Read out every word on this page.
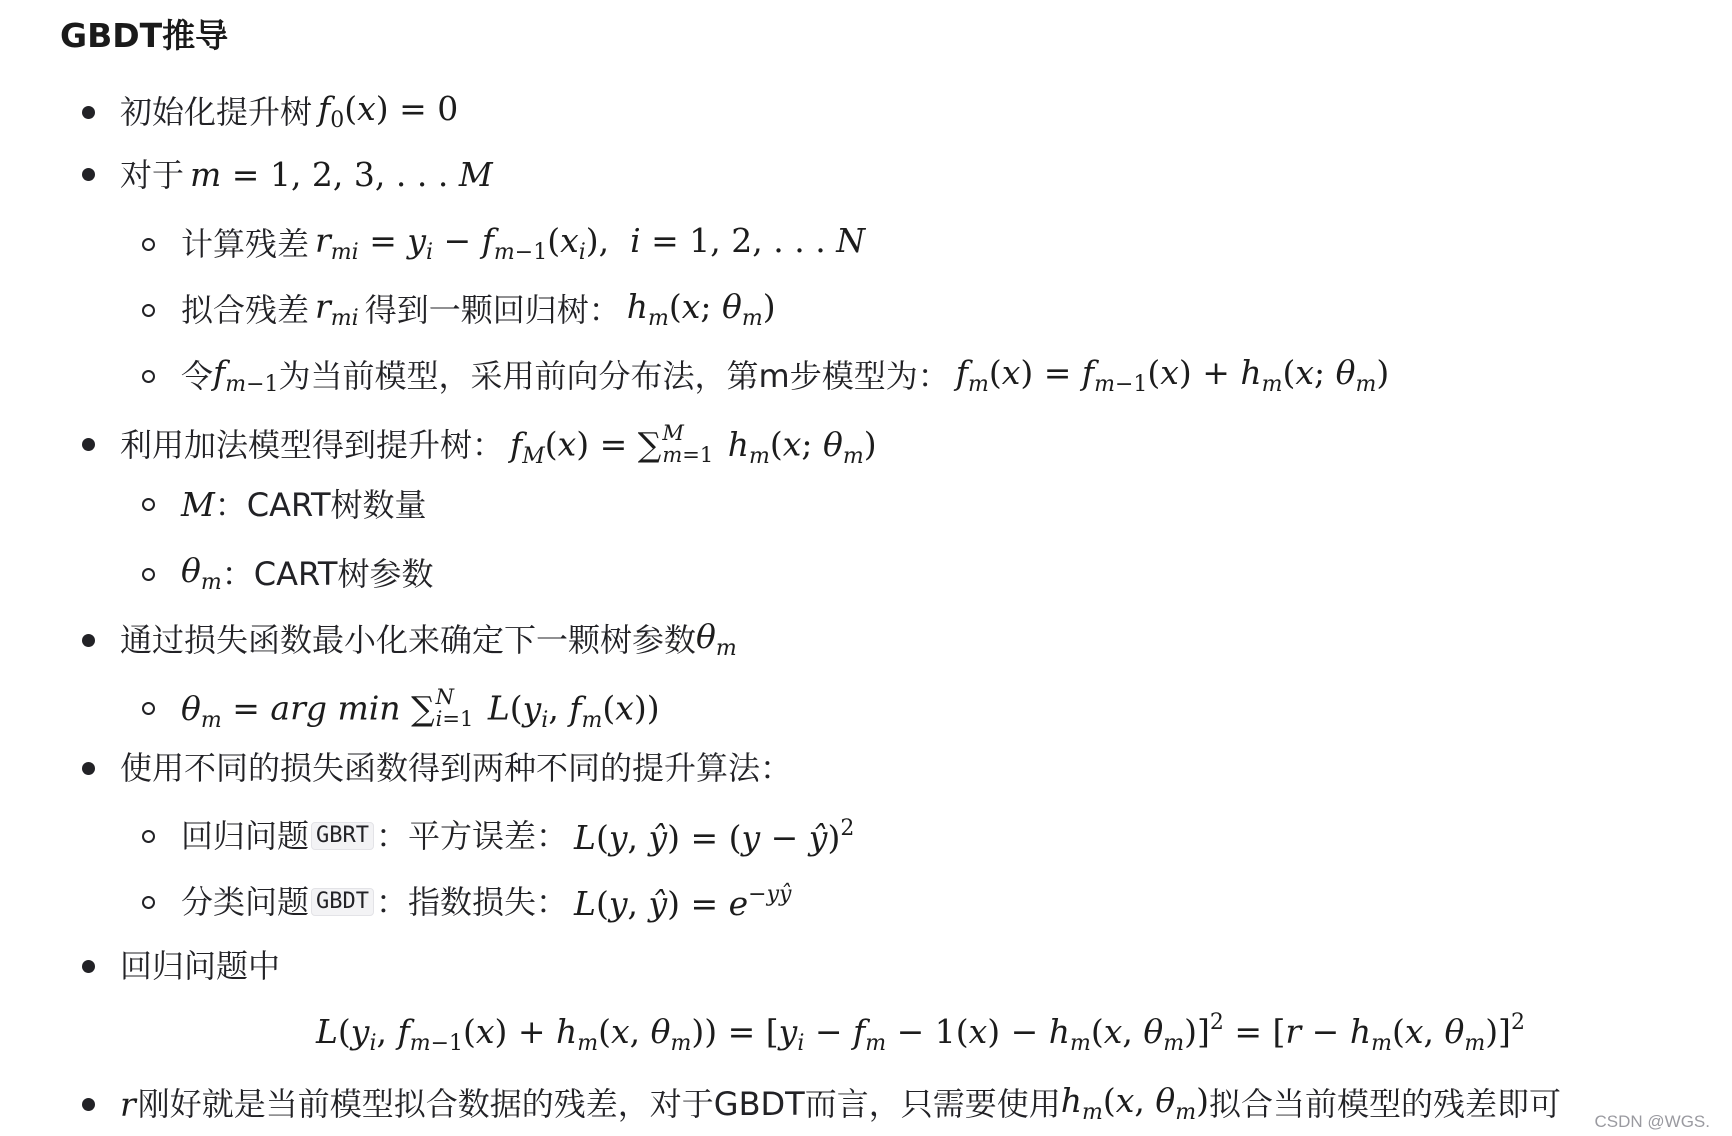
GBDT推导
初始化提升树 $f_0(x) = 0$
对于 m = 1, 2, 3, . . . M
计算残差 $r_{mi} = y_i - f_{m-1}(x_i)$,  i = 1, 2, . . . N
拟合残差 $r_{mi}$ 得到一颗回归树： $h_m(x$; $\theta_m$)
令 $f_{m-1}$ 为当前模型，采用前向分布法，第m步模型为： $f_m(x) = f_{m-1}(x) + h_m(x$; $\theta_m$)
利用加法模型得到提升树： $f_M(x)$ = ∑ M
m=1 $h_m(x$; $\theta_m$)
M ：CART树数量
$\theta_m$ ：CART树参数
通过损失函数最小化来确定下一颗树参数 $\theta_m$
$\theta_m$ = arg min ∑ N
i=1 $L(y_i$, $f_m(x)$)
使用不同的损失函数得到两种不同的提升算法：
回归问题 GBRT ：平方误差： L(y, ŷ) = (y − ŷ)$^2$
分类问题 GBDT ：指数损失： L(y, ŷ) = $e^{-yŷ}$
回归问题中
$L(y_i$, $f_{m-1}(x) + h_m(x$, $\theta_m)) = [y_i - f_m - 1(x) - h_m(x$, $\theta_m)]^2 = [r - h_m(x$, $\theta_m)]^2$
r 刚好就是当前模型拟合数据的残差，对于GBDT而言，只需要使用 $h_m(x$, $\theta_m$) 拟合当前模型的残差即可 CSDN @WGS.
